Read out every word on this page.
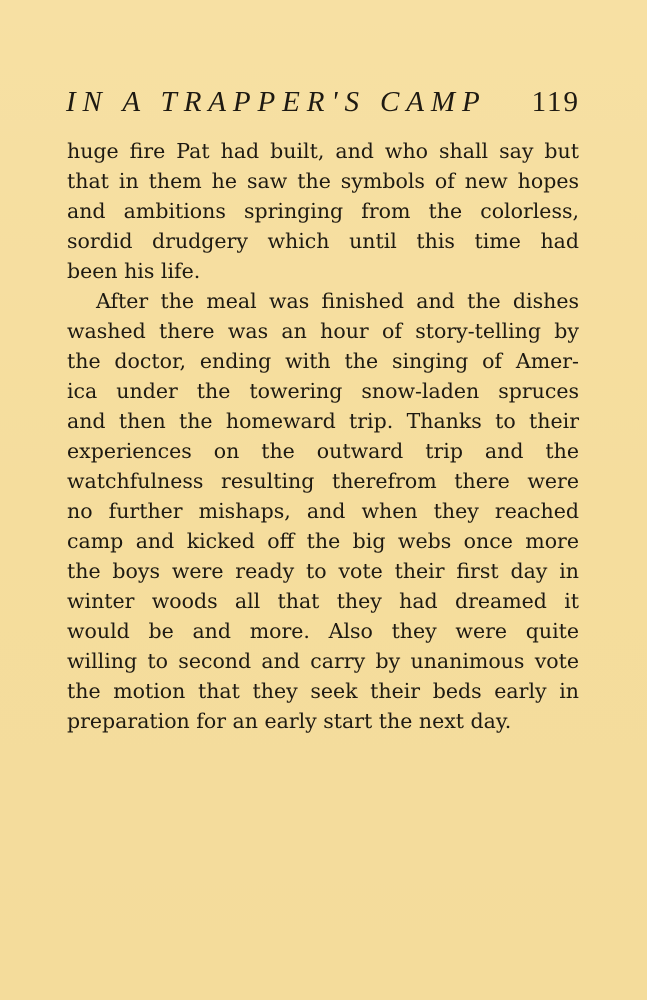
IN A TRAPPER'S CAMP 119
huge fire Pat had built, and who shall say but
that in them he saw the symbols of new hopes
and ambitions springing from the colorless,
sordid drudgery which until this time had
been his life.
After the meal was finished and the dishes
washed there was an hour of story-telling by
the doctor, ending with the singing of Amer-
ica under the towering snow-laden spruces
and then the homeward trip. Thanks to their
experiences on the outward trip and the
watchfulness resulting therefrom there were
no further mishaps, and when they reached
camp and kicked off the big webs once more
the boys were ready to vote their first day in
winter woods all that they had dreamed it
would be and more. Also they were quite
willing to second and carry by unanimous vote
the motion that they seek their beds early in
preparation for an early start the next day.
